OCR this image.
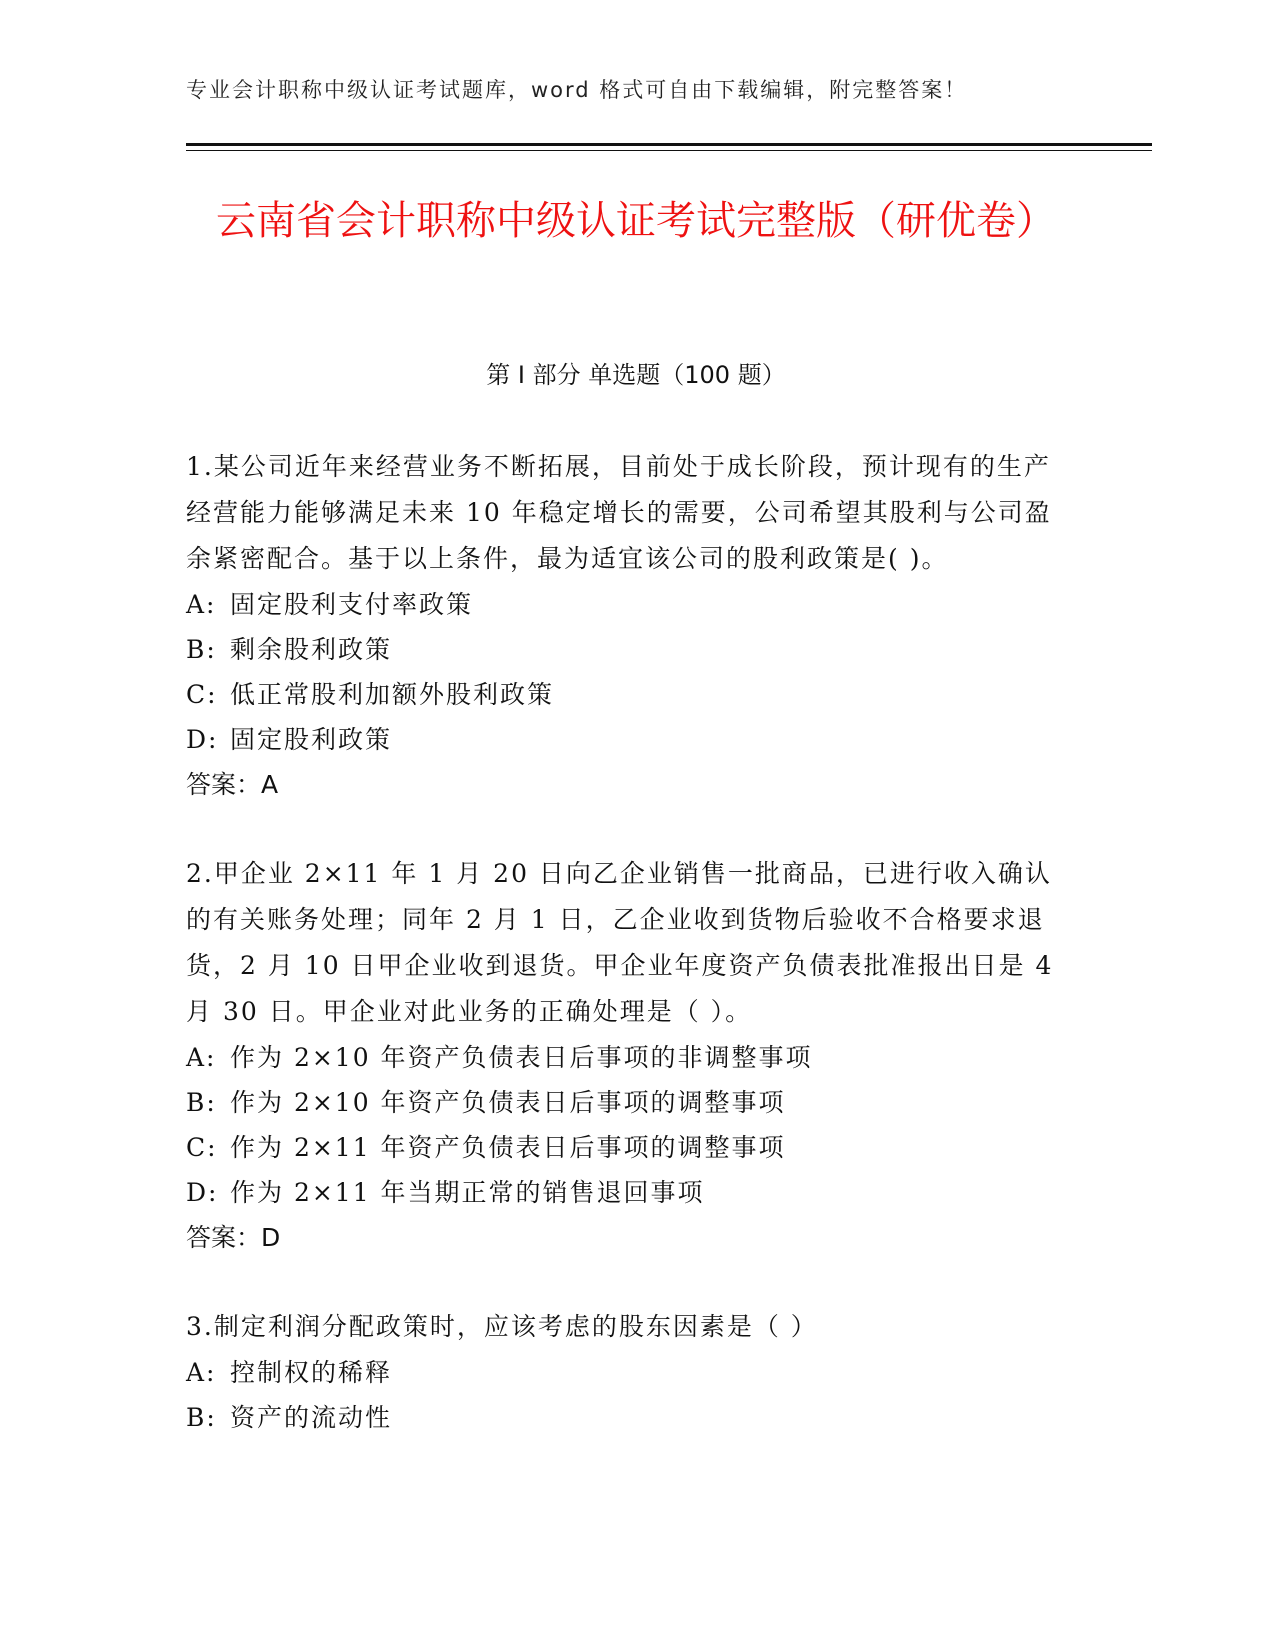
专业会计职称中级认证考试题库，word 格式可自由下载编辑，附完整答案！
云南省会计职称中级认证考试完整版（研优卷）
第 I 部分 单选题（100 题）

1.某公司近年来经营业务不断拓展，目前处于成长阶段，预计现有的生产经营能力能够满足未来 10 年稳定增长的需要，公司希望其股利与公司盈余紧密配合。基于以上条件，最为适宜该公司的股利政策是( )。

A: 固定股利支付率政策
B: 剩余股利政策
C: 低正常股利加额外股利政策
D: 固定股利政策

答案：A

2.甲企业 2×11 年 1 月 20 日向乙企业销售一批商品，已进行收入确认的有关账务处理；同年 2 月 1 日，乙企业收到货物后验收不合格要求退货，2 月 10 日甲企业收到退货。甲企业年度资产负债表批准报出日是 4 月 30 日。甲企业对此业务的正确处理是（ ）。

A: 作为 2×10 年资产负债表日后事项的非调整事项
B: 作为 2×10 年资产负债表日后事项的调整事项
C: 作为 2×11 年资产负债表日后事项的调整事项
D: 作为 2×11 年当期正常的销售退回事项

答案：D

3.制定利润分配政策时，应该考虑的股东因素是（ ）

A: 控制权的稀释
B: 资产的流动性
